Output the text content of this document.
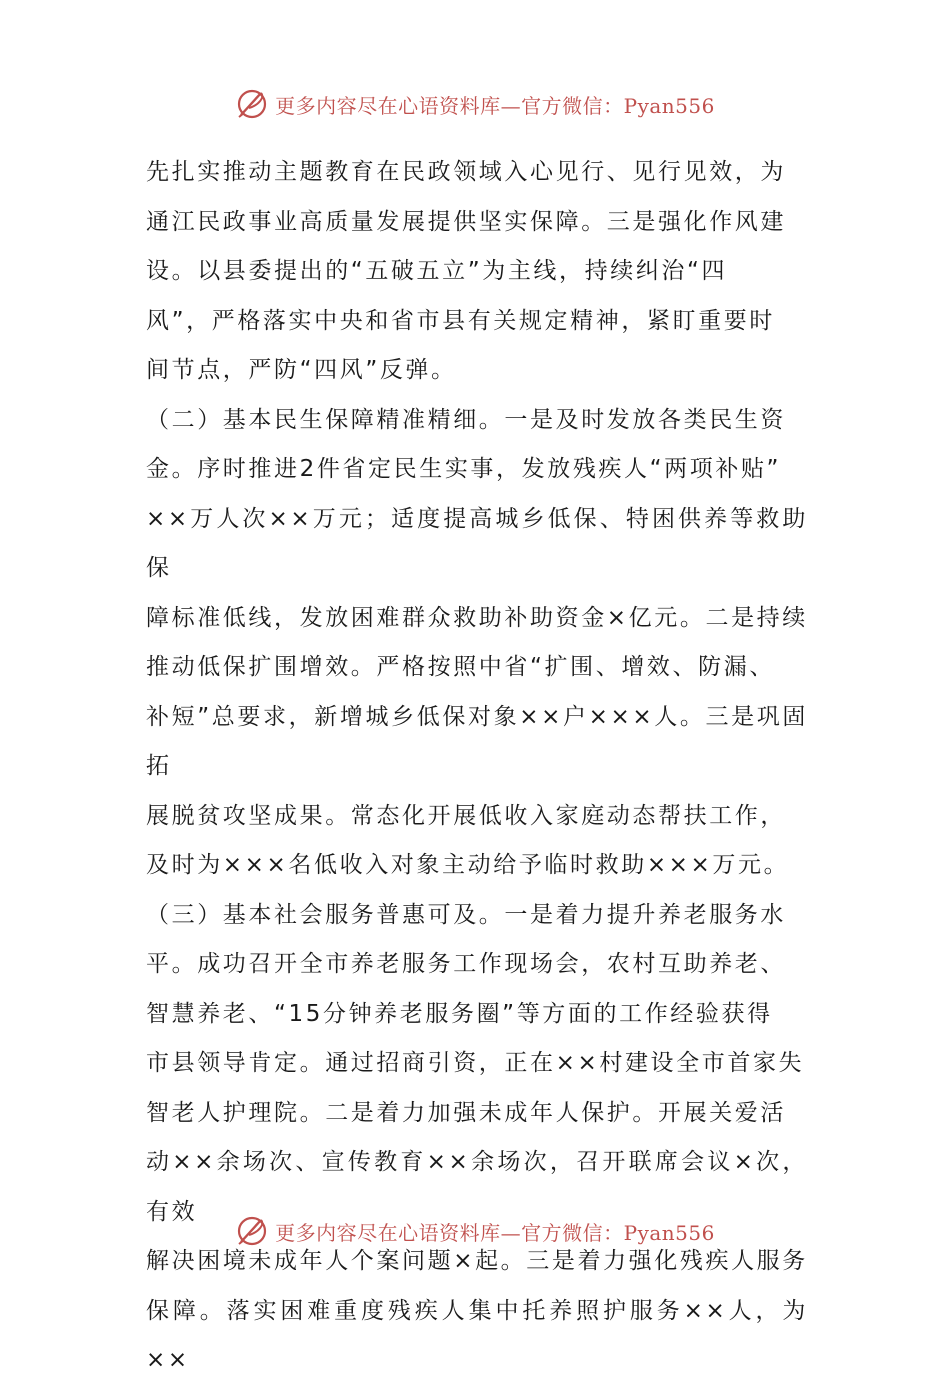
更多内容尽在心语资料库—官方微信：Pyan556

先扎实推动主题教育在民政领域入心见行、见行见效，为
通江民政事业高质量发展提供坚实保障。三是强化作风建
设。以县委提出的“五破五立”为主线，持续纠治“四
风”，严格落实中央和省市县有关规定精神，紧盯重要时
间节点，严防“四风”反弹。

（二）基本民生保障精准精细。一是及时发放各类民生资
金。序时推进2件省定民生实事，发放残疾人“两项补贴”
××万人次××万元；适度提高城乡低保、特困供养等救助保
障标准低线，发放困难群众救助补助资金×亿元。二是持续
推动低保扩围增效。严格按照中省“扩围、增效、防漏、
补短”总要求，新增城乡低保对象××户×××人。三是巩固拓
展脱贫攻坚成果。常态化开展低收入家庭动态帮扶工作，
及时为×××名低收入对象主动给予临时救助×××万元。

（三）基本社会服务普惠可及。一是着力提升养老服务水
平。成功召开全市养老服务工作现场会，农村互助养老、
智慧养老、“15分钟养老服务圈”等方面的工作经验获得
市县领导肯定。通过招商引资，正在××村建设全市首家失
智老人护理院。二是着力加强未成年人保护。开展关爱活
动××余场次、宣传教育××余场次，召开联席会议×次，有效
解决困境未成年人个案问题×起。三是着力强化残疾人服务
保障。落实困难重度残疾人集中托养照护服务××人，为××

更多内容尽在心语资料库—官方微信：Pyan556
